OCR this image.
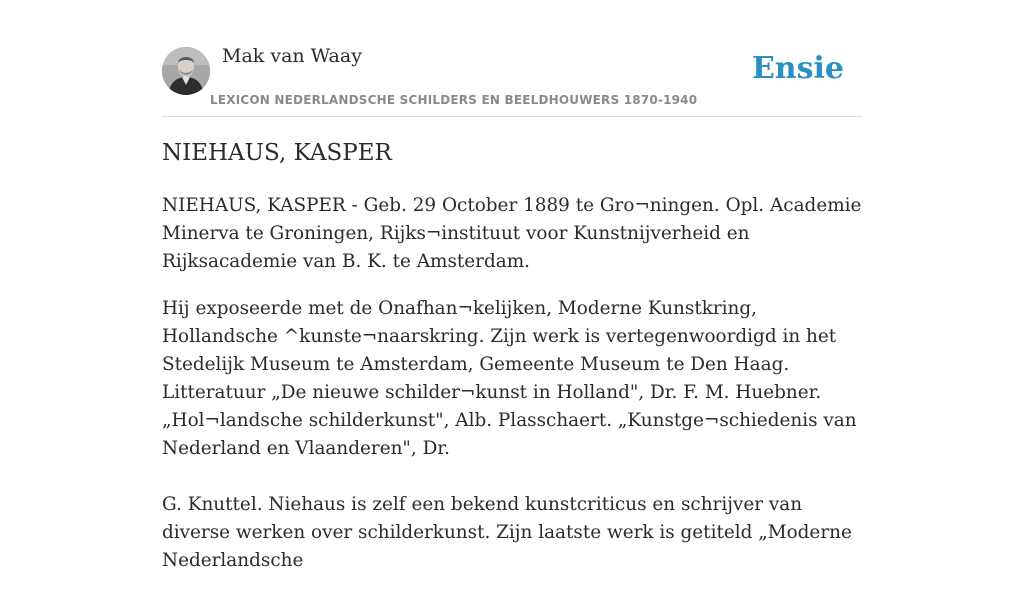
Mak van Waay
LEXICON NEDERLANDSCHE SCHILDERS EN BEELDHOUWERS 1870-1940
Ensie
NIEHAUS, KASPER

NIEHAUS, KASPER - Geb. 29 October 1889 te Gro¬ningen. Opl. Academie Minerva te Groningen, Rijks¬instituut voor Kunstnijverheid en Rijksacademie van B. K. te Amsterdam.

Hij exposeerde met de Onafhan¬kelijken, Moderne Kunstkring, Hollandsche ^kunste¬naarskring. Zijn werk is vertegenwoordigd in het Stedelijk Museum te Amsterdam, Gemeente Museum te Den Haag. Litteratuur „De nieuwe schilder¬kunst in Holland", Dr. F. M. Huebner. „Hol¬landsche schilderkunst", Alb. Plasschaert. „Kunstge¬schiedenis van Nederland en Vlaanderen", Dr.

G. Knuttel. Niehaus is zelf een bekend kunstcriticus en schrijver van diverse werken over schilderkunst. Zijn laatste werk is getiteld „Moderne Nederlandsche
